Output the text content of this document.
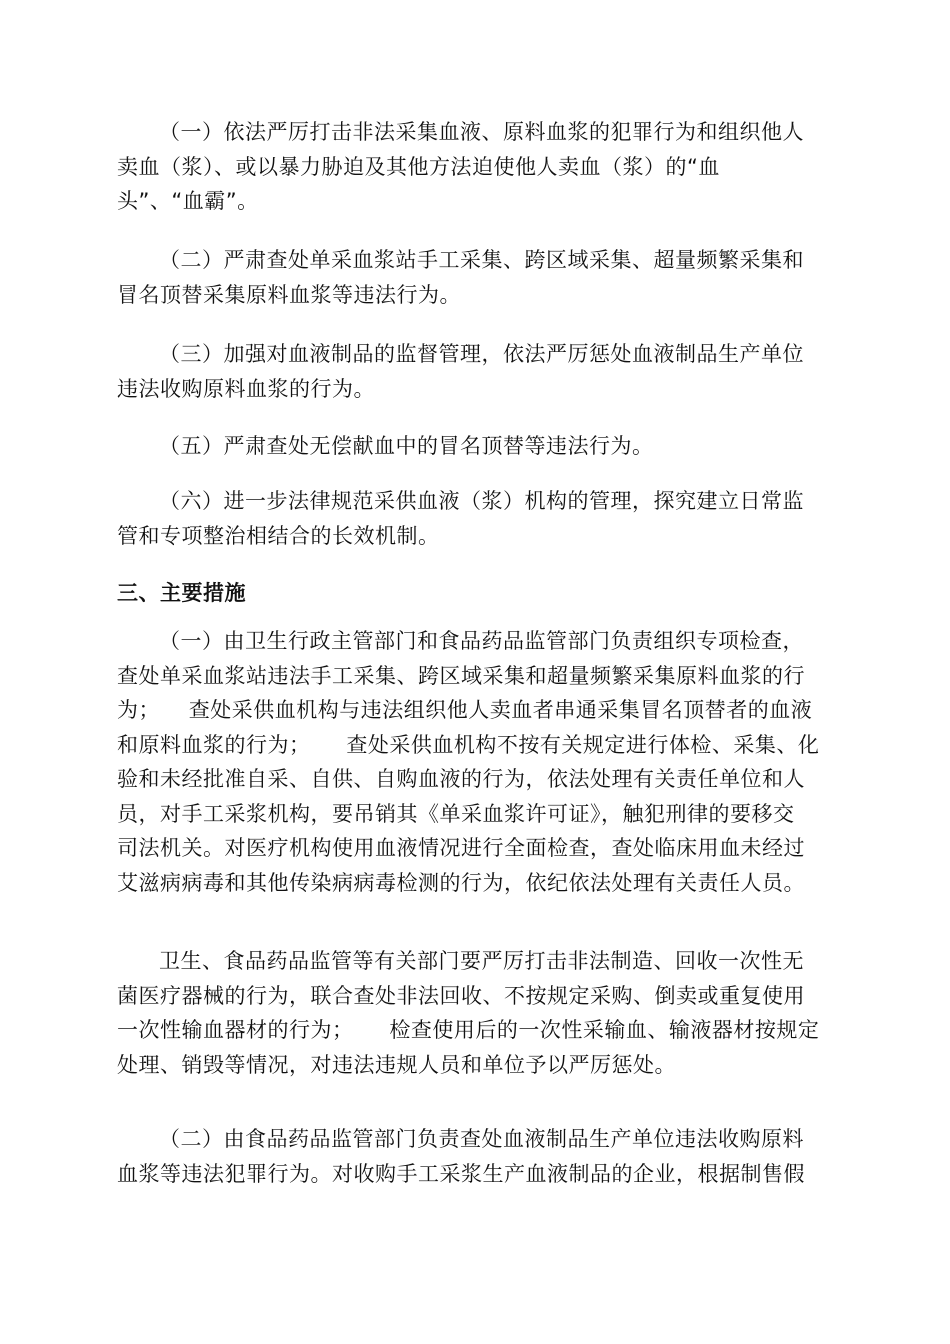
（一）依法严厉打击非法采集血液、原料血浆的犯罪行为和组织他人
卖血（浆）、或以暴力胁迫及其他方法迫使他人卖血（浆）的“血
头”、“血霸”。
（二）严肃查处单采血浆站手工采集、跨区域采集、超量频繁采集和
冒名顶替采集原料血浆等违法行为。
（三）加强对血液制品的监督管理，依法严厉惩处血液制品生产单位
违法收购原料血浆的行为。
（五）严肃查处无偿献血中的冒名顶替等违法行为。
（六）进一步法律规范采供血液（浆）机构的管理，探究建立日常监
管和专项整治相结合的长效机制。
三、主要措施
（一）由卫生行政主管部门和食品药品监管部门负责组织专项检查，
查处单采血浆站违法手工采集、跨区域采集和超量频繁采集原料血浆的行
为；    查处采供血机构与违法组织他人卖血者串通采集冒名顶替者的血液
和原料血浆的行为；     查处采供血机构不按有关规定进行体检、采集、化
验和未经批准自采、自供、自购血液的行为，依法处理有关责任单位和人
员，对手工采浆机构，要吊销其《单采血浆许可证》，触犯刑律的要移交
司法机关。对医疗机构使用血液情况进行全面检查，查处临床用血未经过
艾滋病病毒和其他传染病病毒检测的行为，依纪依法处理有关责任人员。
卫生、食品药品监管等有关部门要严厉打击非法制造、回收一次性无
菌医疗器械的行为，联合查处非法回收、不按规定采购、倒卖或重复使用
一次性输血器材的行为；     检查使用后的一次性采输血、输液器材按规定
处理、销毁等情况，对违法违规人员和单位予以严厉惩处。
（二）由食品药品监管部门负责查处血液制品生产单位违法收购原料
血浆等违法犯罪行为。对收购手工采浆生产血液制品的企业，根据制售假
